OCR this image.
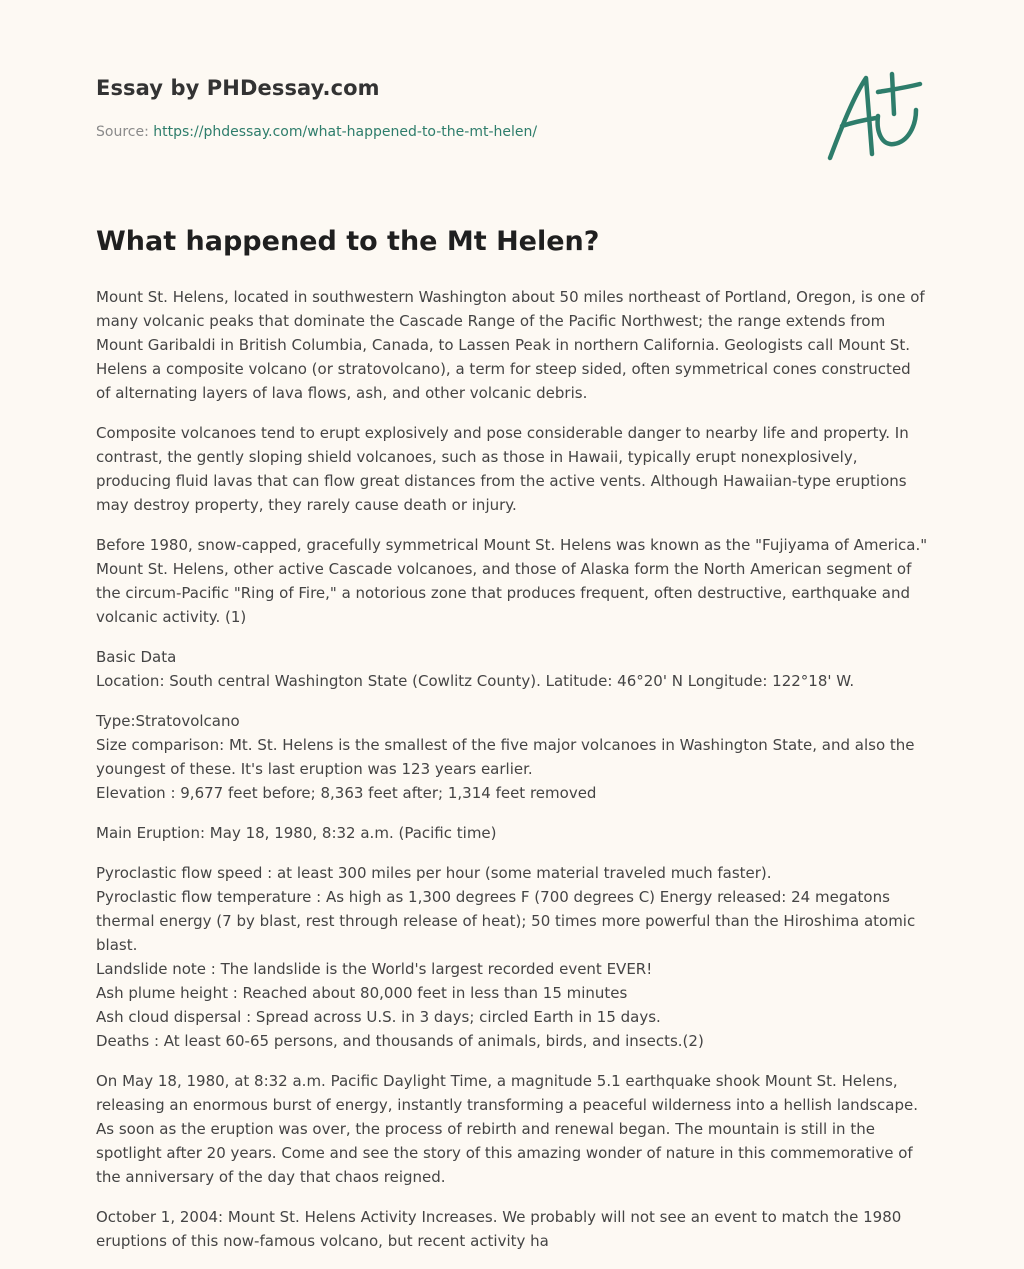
Essay by PHDessay.com
Source: https://phdessay.com/what-happened-to-the-mt-helen/
What happened to the Mt Helen?

Mount St. Helens, located in southwestern Washington about 50 miles northeast of Portland, Oregon, is one of many volcanic peaks that dominate the Cascade Range of the Pacific Northwest; the range extends from Mount Garibaldi in British Columbia, Canada, to Lassen Peak in northern California. Geologists call Mount St. Helens a composite volcano (or stratovolcano), a term for steep sided, often symmetrical cones constructed of alternating layers of lava flows, ash, and other volcanic debris.

Composite volcanoes tend to erupt explosively and pose considerable danger to nearby life and property. In contrast, the gently sloping shield volcanoes, such as those in Hawaii, typically erupt nonexplosively, producing fluid lavas that can flow great distances from the active vents. Although Hawaiian-type eruptions may destroy property, they rarely cause death or injury.

Before 1980, snow-capped, gracefully symmetrical Mount St. Helens was known as the "Fujiyama of America." Mount St. Helens, other active Cascade volcanoes, and those of Alaska form the North American segment of the circum-Pacific "Ring of Fire," a notorious zone that produces frequent, often destructive, earthquake and volcanic activity. (1)

Basic Data
Location: South central Washington State (Cowlitz County). Latitude: 46°20' N Longitude: 122°18' W.

Type:Stratovolcano
Size comparison: Mt. St. Helens is the smallest of the five major volcanoes in Washington State, and also the youngest of these. It's last eruption was 123 years earlier.
Elevation : 9,677 feet before; 8,363 feet after; 1,314 feet removed

Main Eruption: May 18, 1980, 8:32 a.m. (Pacific time)

Pyroclastic flow speed : at least 300 miles per hour (some material traveled much faster).
Pyroclastic flow temperature : As high as 1,300 degrees F (700 degrees C) Energy released: 24 megatons thermal energy (7 by blast, rest through release of heat); 50 times more powerful than the Hiroshima atomic blast.
Landslide note : The landslide is the World's largest recorded event EVER!
Ash plume height : Reached about 80,000 feet in less than 15 minutes
Ash cloud dispersal : Spread across U.S. in 3 days; circled Earth in 15 days.
Deaths : At least 60-65 persons, and thousands of animals, birds, and insects.(2)

On May 18, 1980, at 8:32 a.m. Pacific Daylight Time, a magnitude 5.1 earthquake shook Mount St. Helens, releasing an enormous burst of energy, instantly transforming a peaceful wilderness into a hellish landscape. As soon as the eruption was over, the process of rebirth and renewal began. The mountain is still in the spotlight after 20 years. Come and see the story of this amazing wonder of nature in this commemorative of the anniversary of the day that chaos reigned.

October 1, 2004: Mount St. Helens Activity Increases. We probably will not see an event to match the 1980 eruptions of this now-famous volcano, but recent activity ha
